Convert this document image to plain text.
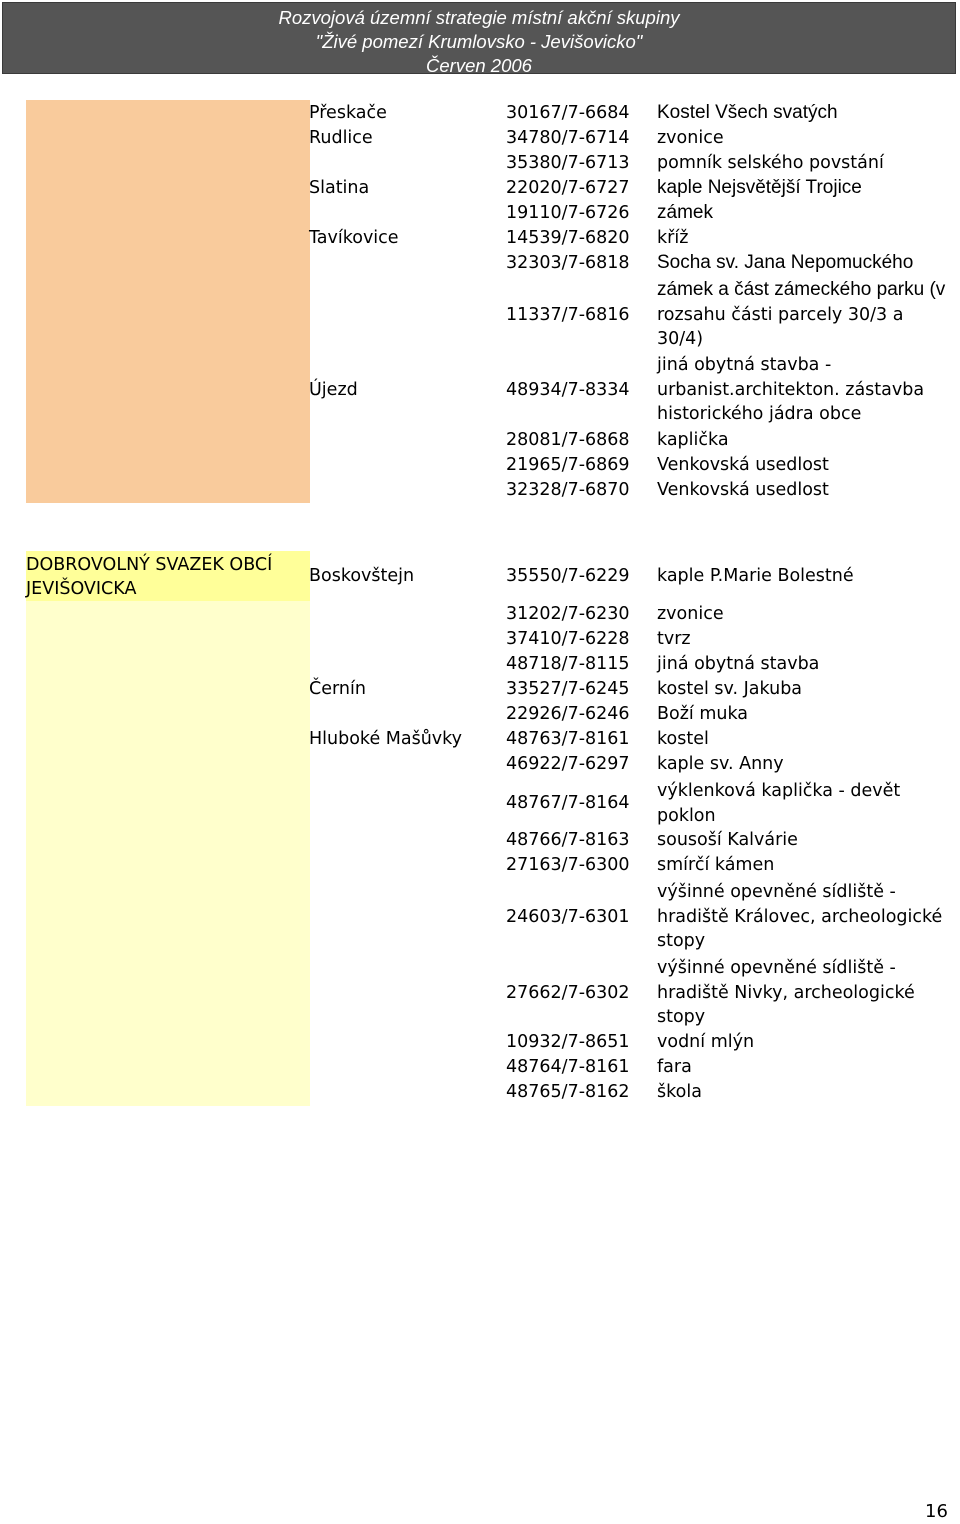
Rozvojová územní strategie místní akční skupiny
"Živé pomezí Krumlovsko - Jevišovicko"
Červen 2006
DOBROVOLNÝ SVAZEK OBCÍ JEVIŠOVICKA
Přeskače	30167/7-6684 Kostel Všech svatých
Rudlice	34780/7-6714 zvonice
35380/7-6713 pomník selského povstání
Slatina	22020/7-6727 kaple Nejsvětější Trojice
19110/7-6726 zámek
Tavíkovice	14539/7-6820 kříž
32303/7-6818 Socha sv. Jana Nepomuckého
11337/7-6816
zámek a část zámeckého parku (v
rozsahu části parcely 30/3 a
30/4)
Újezd	48934/7-8334
jiná obytná stavba -
urbanist.architekton. zástavba
historického jádra obce
28081/7-6868 kaplička
21965/7-6869 Venkovská usedlost
32328/7-6870 Venkovská usedlost
Boskovštejn	35550/7-6229 kaple P.Marie Bolestné
31202/7-6230 zvonice
37410/7-6228 tvrz
48718/7-8115 jiná obytná stavba
Černín	33527/7-6245 kostel sv. Jakuba
22926/7-6246 Boží muka
Hluboké Mašůvky	48763/7-8161 kostel
46922/7-6297 kaple sv. Anny
48767/7-8164
výklenková kaplička - devět
poklon
48766/7-8163 sousoší Kalvárie
27163/7-6300 smírčí kámen
24603/7-6301
výšinné opevněné sídliště -
hradiště Královec, archeologické
stopy
27662/7-6302
výšinné opevněné sídliště -
hradiště Nivky, archeologické
stopy
10932/7-8651 vodní mlýn
48764/7-8161 fara
48765/7-8162 škola
16
